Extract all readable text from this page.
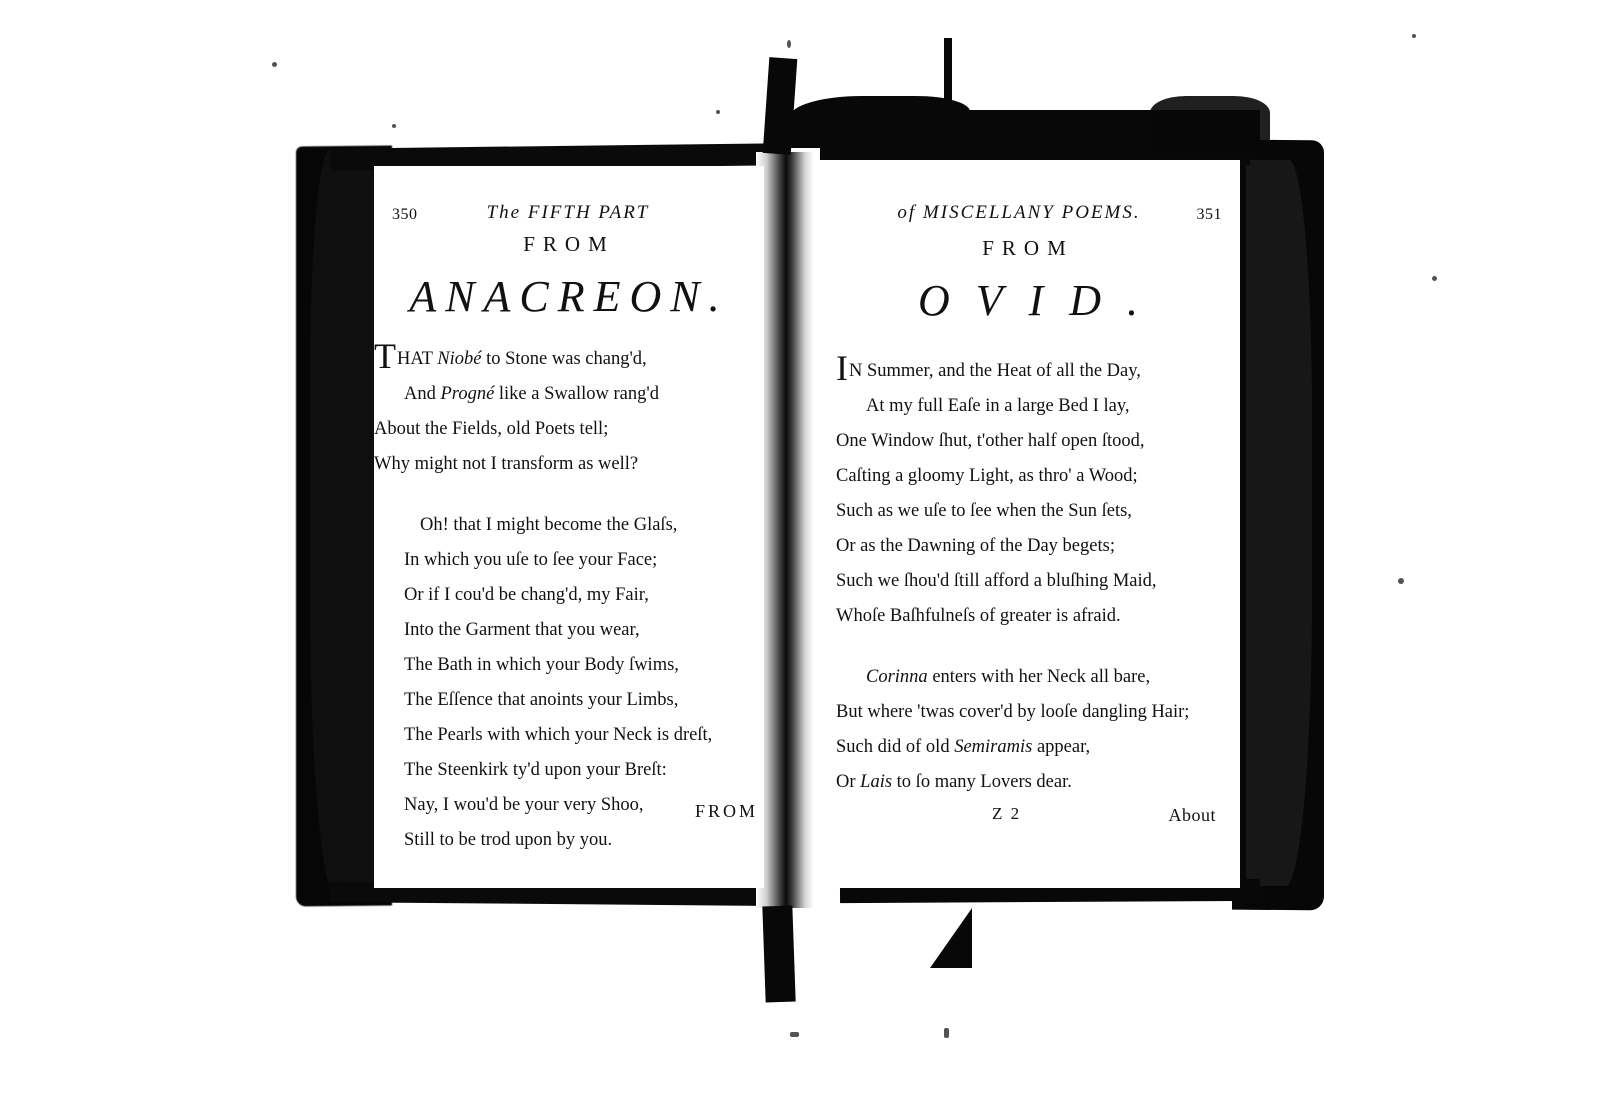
350	The FIFTH PART
FROM
ANACREON.
THAT Niobé to Stone was chang'd,
And Progné like a Swallow rang'd
About the Fields, old Poets tell;
Why might not I transform as well?
Oh! that I might become the Glaſs,
In which you uſe to ſee your Face;
Or if I cou'd be chang'd, my Fair,
Into the Garment that you wear,
The Bath in which your Body ſwims,
The Eſſence that anoints your Limbs,
The Pearls with which your Neck is dreſt,
The Steenkirk ty'd upon your Breſt:
Nay, I wou'd be your very Shoo,
Still to be trod upon by you.
FROM
of MISCELLANY POEMS.	351
FROM
OVID.
IN Summer, and the Heat of all the Day,
At my full Eaſe in a large Bed I lay,
One Window ſhut, t'other half open ſtood,
Caſting a gloomy Light, as thro' a Wood;
Such as we uſe to ſee when the Sun ſets,
Or as the Dawning of the Day begets;
Such we ſhou'd ſtill afford a bluſhing Maid,
Whoſe Baſhfulneſs of greater is afraid.
Corinna enters with her Neck all bare,
But where 'twas cover'd by looſe dangling Hair;
Such did of old Semiramis appear,
Or Lais to ſo many Lovers dear.
Z 2	About
